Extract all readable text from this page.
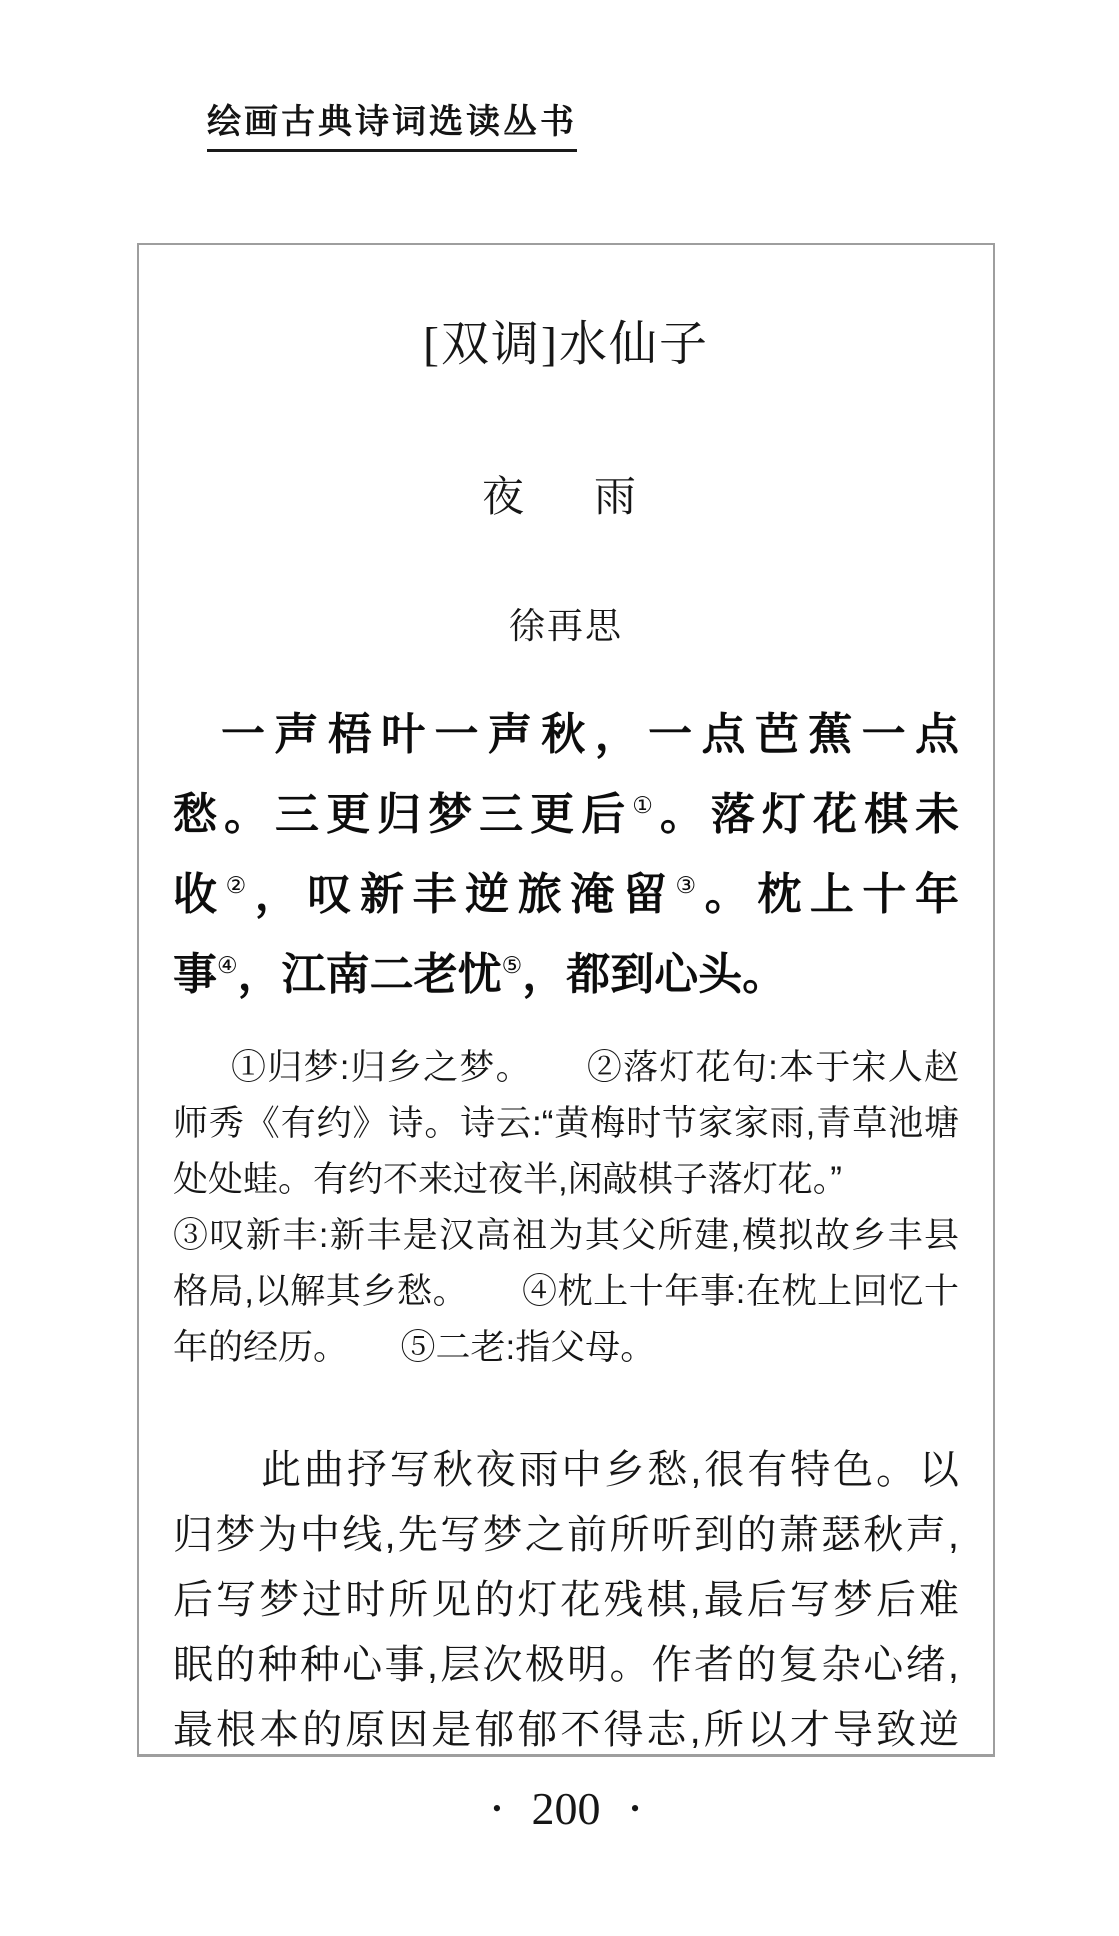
绘画古典诗词选读丛书
[双调]水仙子
夜　雨
徐再思
一声梧叶一声秋，一点芭蕉一点
愁。三更归梦三更后①。落灯花棋未
收②，叹新丰逆旅淹留③。枕上十年
事④，江南二老忧⑤，都到心头。
①归梦:归乡之梦。　　②落灯花句:本于宋人赵
师秀《有约》诗。诗云:“黄梅时节家家雨,青草池塘
处处蛙。有约不来过夜半,闲敲棋子落灯花。”
③叹新丰:新丰是汉高祖为其父所建,模拟故乡丰县
格局,以解其乡愁。　　④枕上十年事:在枕上回忆十
年的经历。　　⑤二老:指父母。
此曲抒写秋夜雨中乡愁,很有特色。以
归梦为中线,先写梦之前所听到的萧瑟秋声,
后写梦过时所见的灯花残棋,最后写梦后难
眠的种种心事,层次极明。作者的复杂心绪,
最根本的原因是郁郁不得志,所以才导致逆
• 200 •
